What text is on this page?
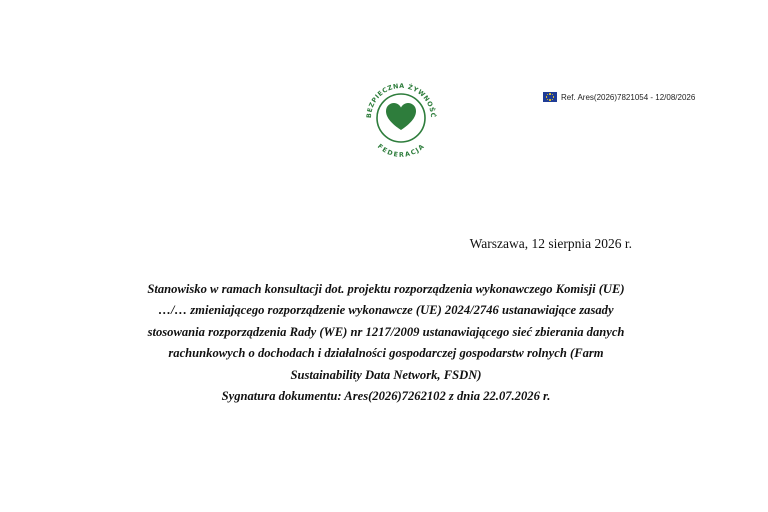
BEZPIECZNA ŻYWNOŚĆ
FEDERACJA
Ref. Ares(2026)7821054 - 12/08/2026
Warszawa, 12 sierpnia 2026 r.
Stanowisko w ramach konsultacji dot. projektu rozporządzenia wykonawczego Komisji (UE)
…/… zmieniającego rozporządzenie wykonawcze (UE) 2024/2746 ustanawiające zasady
stosowania rozporządzenia Rady (WE) nr 1217/2009 ustanawiającego sieć zbierania danych
rachunkowych o dochodach i działalności gospodarczej gospodarstw rolnych (Farm
Sustainability Data Network, FSDN)
Sygnatura dokumentu: Ares(2026)7262102 z dnia 22.07.2026 r.
